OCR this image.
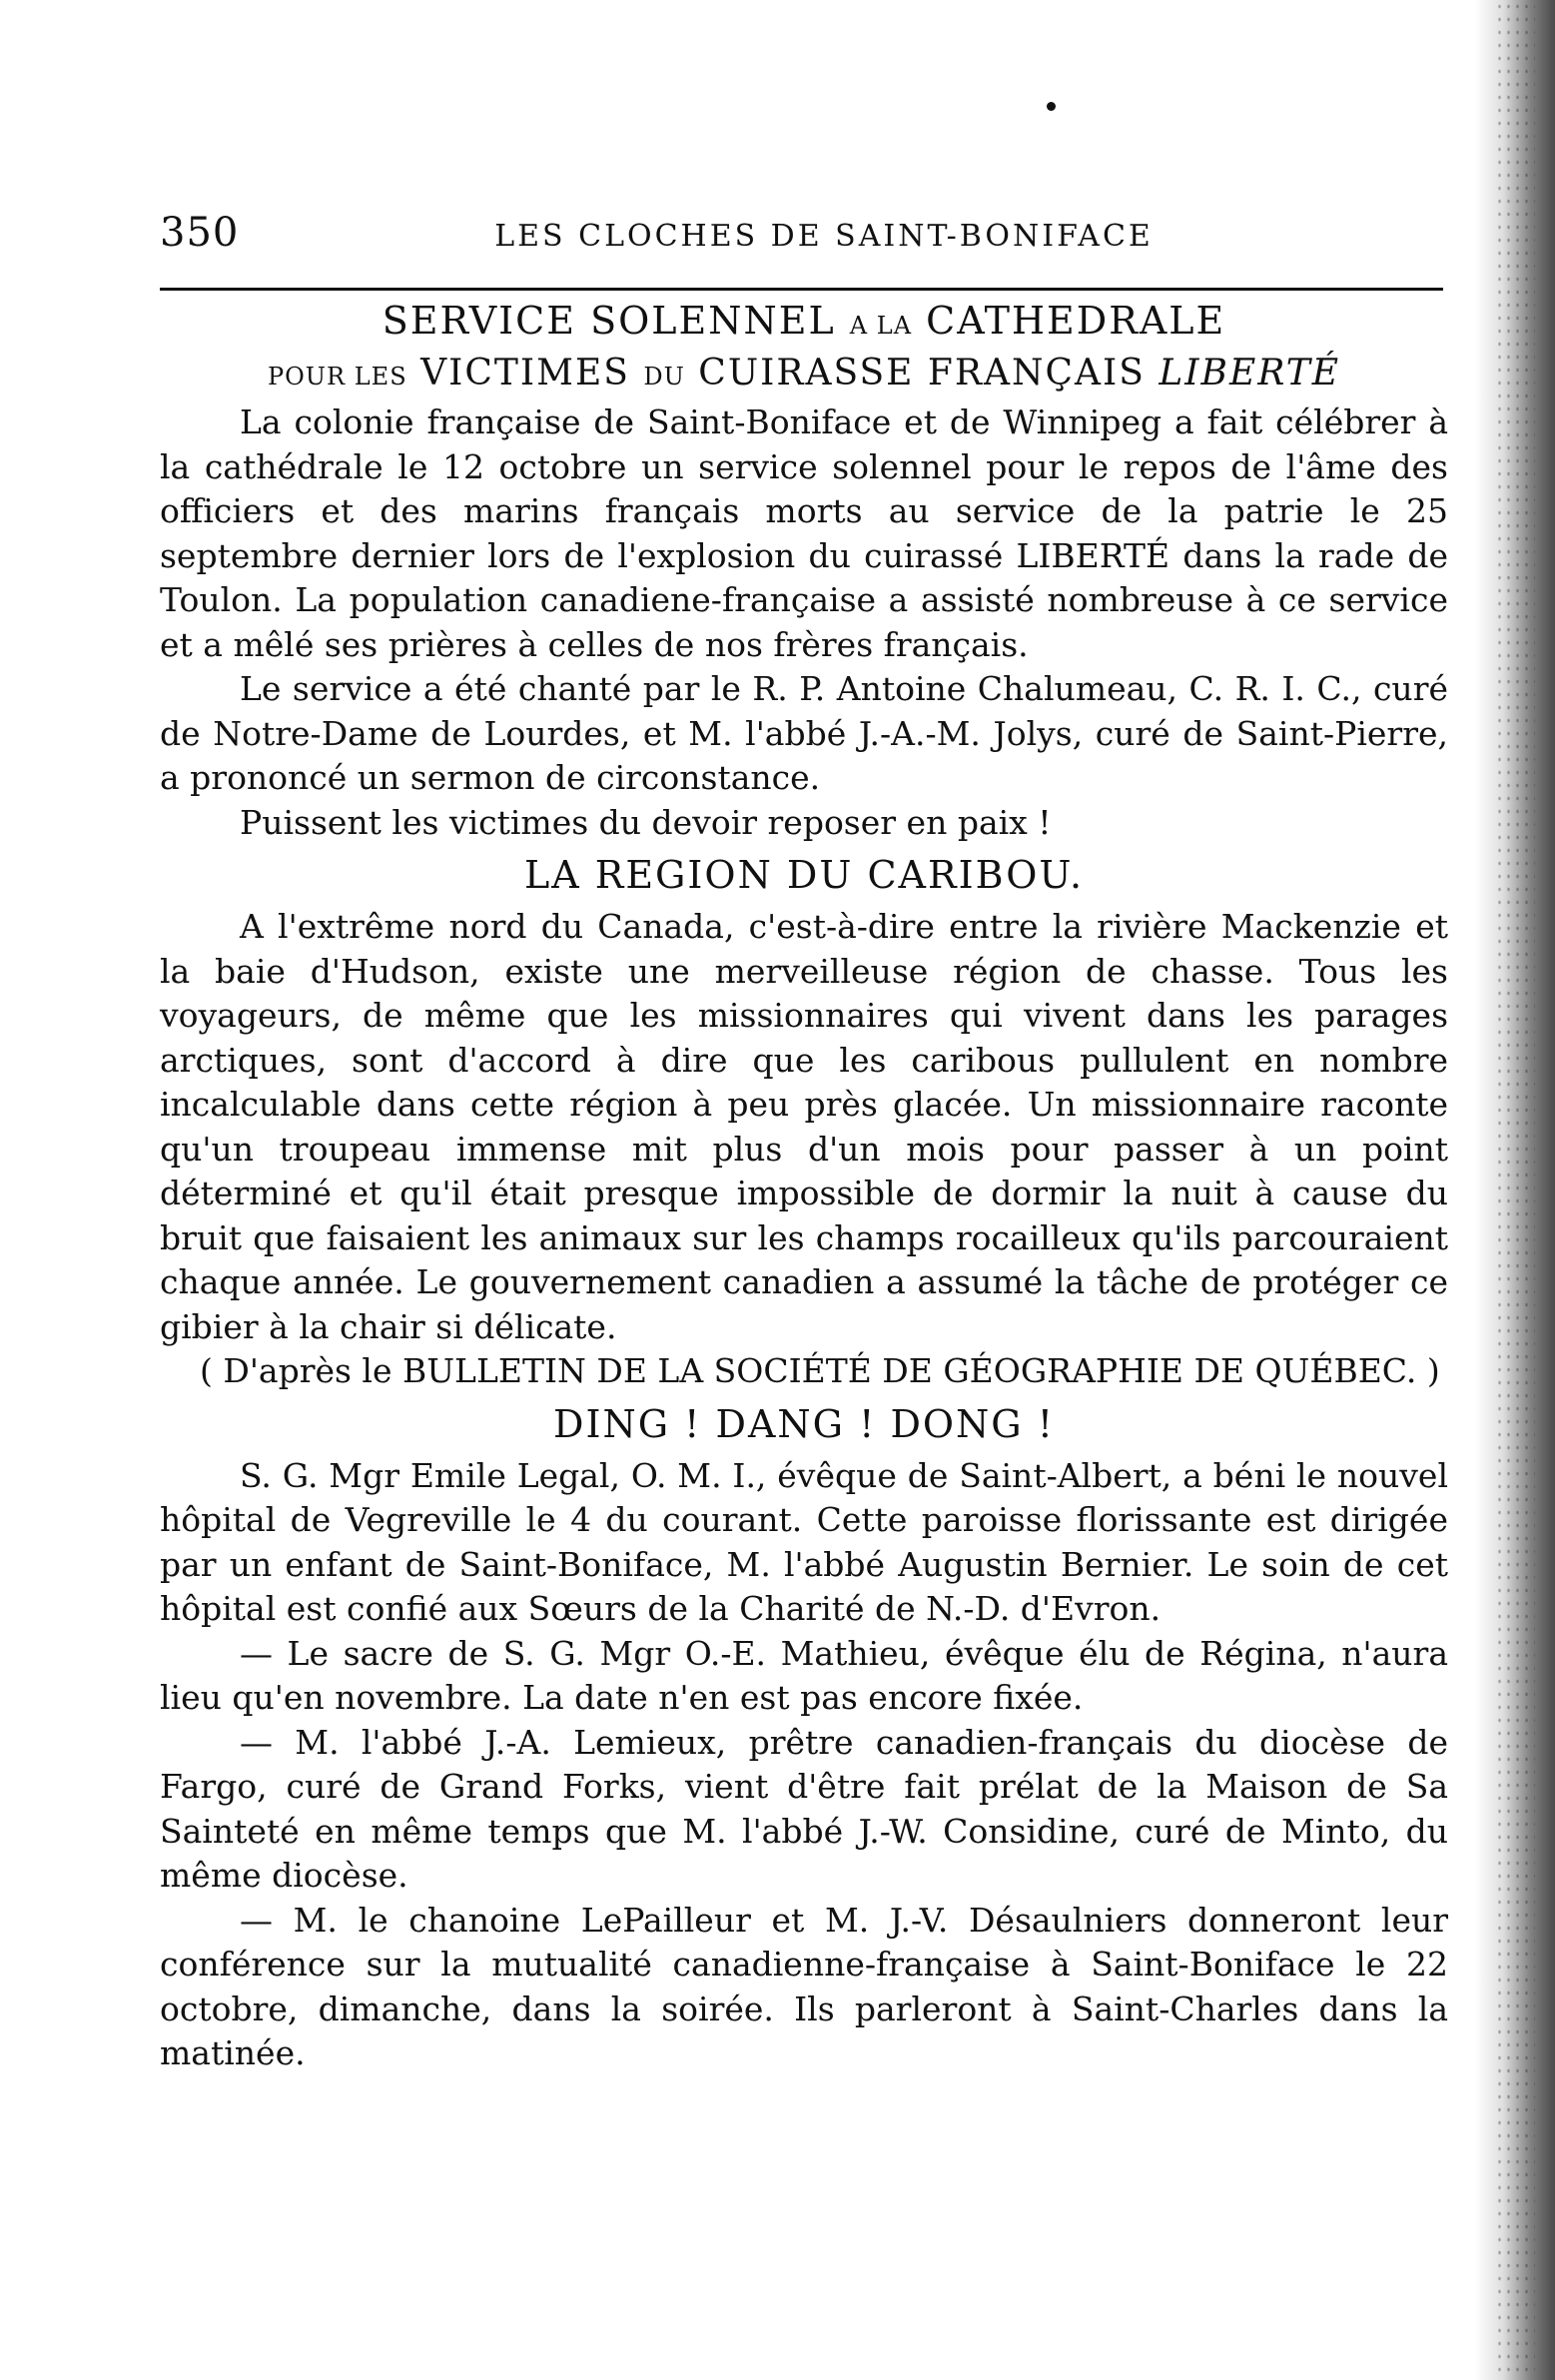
350	LES CLOCHES DE SAINT-BONIFACE
SERVICE SOLENNEL A LA CATHEDRALE
POUR LES VICTIMES DU CUIRASSE FRANÇAIS LIBERTÉ

La colonie française de Saint-Boniface et de Winnipeg a fait célébrer à la cathédrale le 12 octobre un service solennel pour le repos de l'âme des officiers et des marins français morts au service de la patrie le 25 septembre dernier lors de l'explosion du cuirassé LIBERTÉ dans la rade de Toulon. La population canadiene-française a assisté nombreuse à ce service et a mêlé ses prières à celles de nos frères français.

Le service a été chanté par le R. P. Antoine Chalumeau, C. R. I. C., curé de Notre-Dame de Lourdes, et M. l'abbé J.-A.-M. Jolys, curé de Saint-Pierre, a prononcé un sermon de circonstance.

Puissent les victimes du devoir reposer en paix !

LA REGION DU CARIBOU.

A l'extrême nord du Canada, c'est-à-dire entre la rivière Mackenzie et la baie d'Hudson, existe une merveilleuse région de chasse. Tous les voyageurs, de même que les missionnaires qui vivent dans les parages arctiques, sont d'accord à dire que les caribous pullulent en nombre incalculable dans cette région à peu près glacée. Un missionnaire raconte qu'un troupeau immense mit plus d'un mois pour passer à un point déterminé et qu'il était presque impossible de dormir la nuit à cause du bruit que faisaient les animaux sur les champs rocailleux qu'ils parcouraient chaque année. Le gouvernement canadien a assumé la tâche de protéger ce gibier à la chair si délicate.

( D'après le BULLETIN DE LA SOCIÉTÉ DE GÉOGRAPHIE DE QUÉBEC. )

DING ! DANG ! DONG !

S. G. Mgr Emile Legal, O. M. I., évêque de Saint-Albert, a béni le nouvel hôpital de Vegreville le 4 du courant. Cette paroisse florissante est dirigée par un enfant de Saint-Boniface, M. l'abbé Augustin Bernier. Le soin de cet hôpital est confié aux Sœurs de la Charité de N.-D. d'Evron.

— Le sacre de S. G. Mgr O.-E. Mathieu, évêque élu de Régina, n'aura lieu qu'en novembre. La date n'en est pas encore fixée.

— M. l'abbé J.-A. Lemieux, prêtre canadien-français du diocèse de Fargo, curé de Grand Forks, vient d'être fait prélat de la Maison de Sa Sainteté en même temps que M. l'abbé J.-W. Considine, curé de Minto, du même diocèse.

— M. le chanoine LePailleur et M. J.-V. Désaulniers donneront leur conférence sur la mutualité canadienne-française à Saint-Boniface le 22 octobre, dimanche, dans la soirée. Ils parleront à Saint-Charles dans la matinée.
